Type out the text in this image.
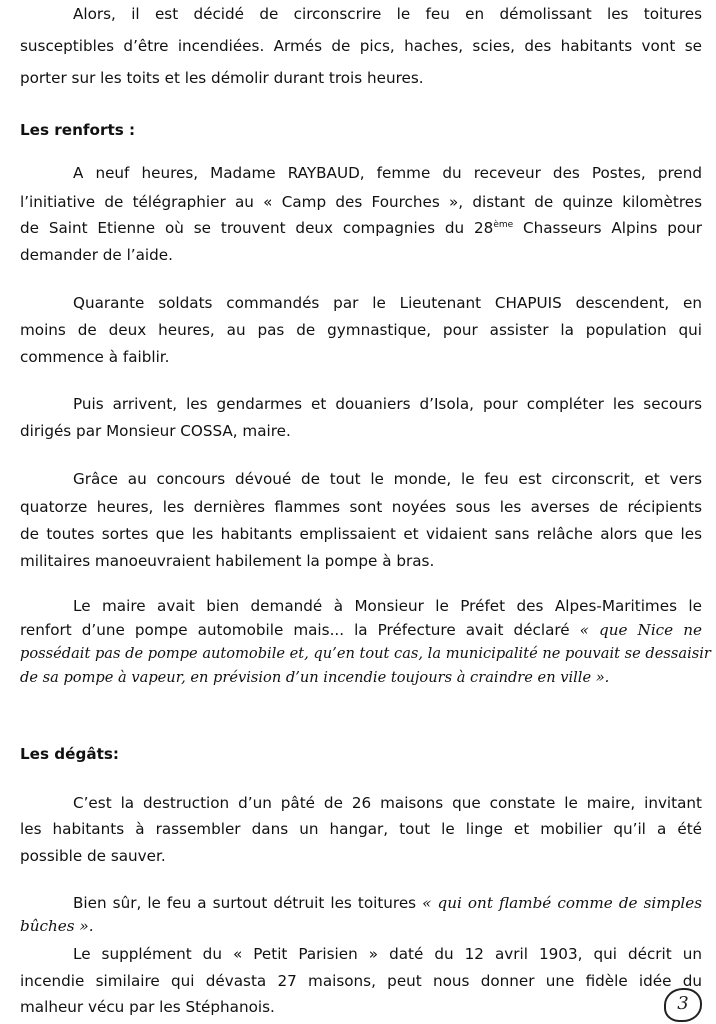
Alors, il est décidé de circonscrire le feu en démolissant les toitures
susceptibles d’être incendiées. Armés de pics, haches, scies, des habitants vont se
porter sur les toits et les démolir durant trois heures.
Les renforts :
A neuf heures, Madame RAYBAUD, femme du receveur des Postes, prend
l’initiative de télégraphier au « Camp des Fourches », distant de quinze kilomètres
de Saint Etienne où se trouvent deux compagnies du 28ème Chasseurs Alpins pour
demander de l’aide.
Quarante soldats commandés par le Lieutenant CHAPUIS descendent, en
moins de deux heures, au pas de gymnastique, pour assister la population qui
commence à faiblir.
Puis arrivent, les gendarmes et douaniers d’Isola, pour compléter les secours
dirigés par Monsieur COSSA, maire.
Grâce au concours dévoué de tout le monde, le feu est circonscrit, et vers
quatorze heures, les dernières flammes sont noyées sous les averses de récipients
de toutes sortes que les habitants emplissaient et vidaient sans relâche alors que les
militaires manoeuvraient habilement la pompe à bras.
Le maire avait bien demandé à Monsieur le Préfet des Alpes-Maritimes le
renfort d’une pompe automobile mais... la Préfecture avait déclaré « que Nice ne
possédait pas de pompe automobile et, qu’en tout cas, la municipalité ne pouvait se dessaisir
de sa pompe à vapeur, en prévision d’un incendie toujours à craindre en ville ».
Les dégâts:
C’est la destruction d’un pâté de 26 maisons que constate le maire, invitant
les habitants à rassembler dans un hangar, tout le linge et mobilier qu’il a été
possible de sauver.
Bien sûr, le feu a surtout détruit les toitures « qui ont flambé comme de simples
bûches ».
Le supplément du « Petit Parisien » daté du 12 avril 1903, qui décrit un
incendie similaire qui dévasta 27 maisons, peut nous donner une fidèle idée du
malheur vécu par les Stéphanois.	3
